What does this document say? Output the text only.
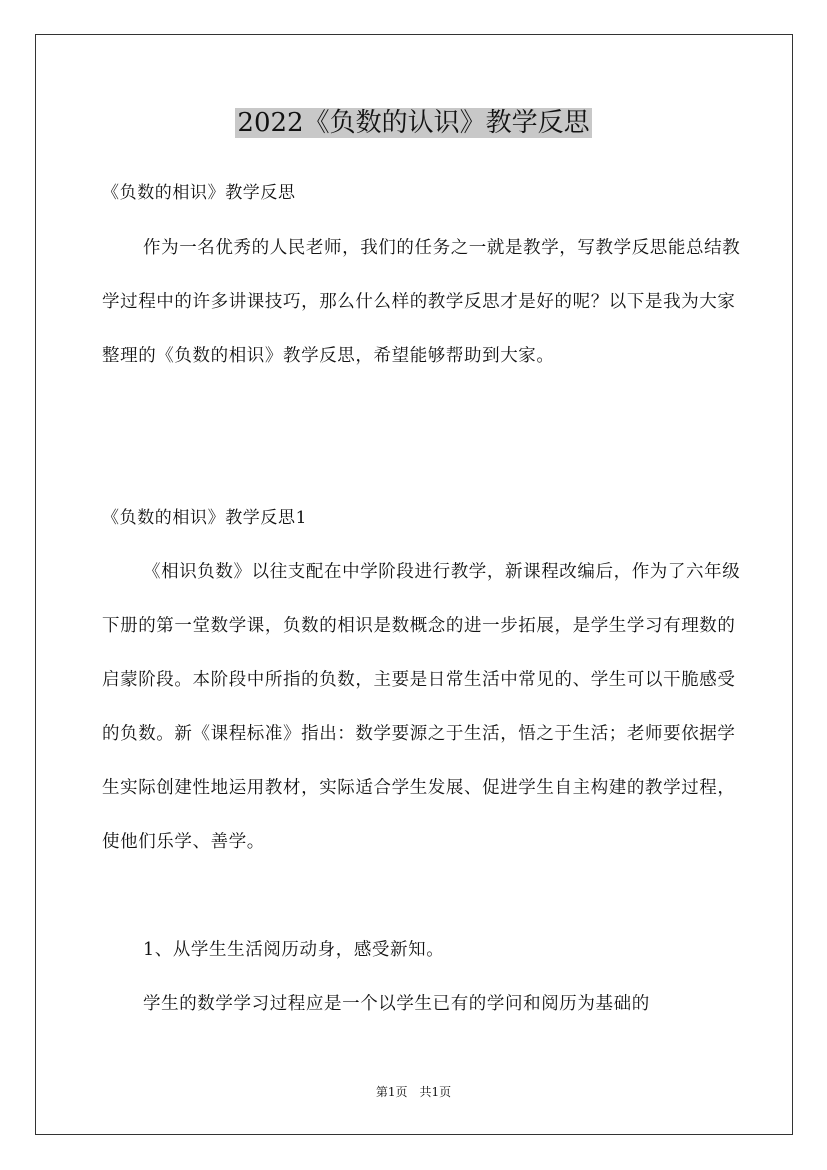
2022《负数的认识》教学反思

《负数的相识》教学反思

作为一名优秀的人民老师，我们的任务之一就是教学，写教学反思能总结教学过程中的许多讲课技巧，那么什么样的教学反思才是好的呢？以下是我为大家整理的《负数的相识》教学反思，希望能够帮助到大家。

《负数的相识》教学反思1

《相识负数》以往支配在中学阶段进行教学，新课程改编后，作为了六年级下册的第一堂数学课，负数的相识是数概念的进一步拓展，是学生学习有理数的启蒙阶段。本阶段中所指的负数，主要是日常生活中常见的、学生可以干脆感受的负数。新《课程标准》指出：数学要源之于生活，悟之于生活；老师要依据学生实际创建性地运用教材，实际适合学生发展、促进学生自主构建的教学过程，使他们乐学、善学。

1、从学生生活阅历动身，感受新知。

学生的数学学习过程应是一个以学生已有的学问和阅历为基础的

第1页　共1页
